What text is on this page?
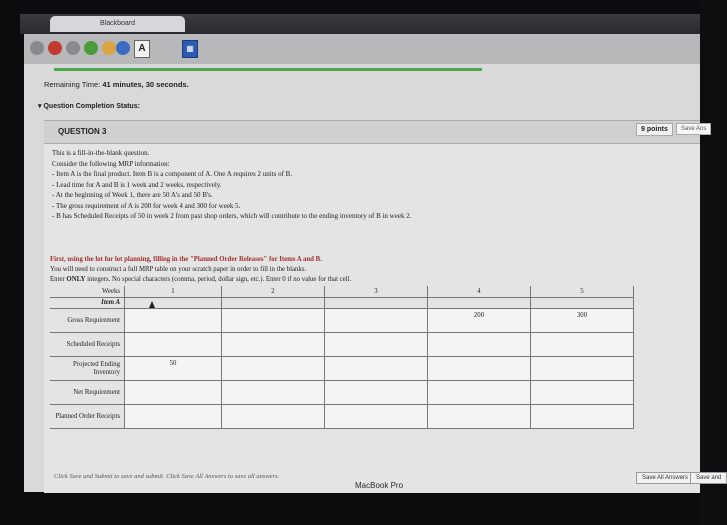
Blackboard
A	▦
Remaining Time: 41 minutes, 30 seconds.
▾ Question Completion Status:
QUESTION 3	9 points	Save Ans
This is a fill-in-the-blank question.
Consider the following MRP information:
- Item A is the final product. Item B is a component of A. One A requires 2 units of B.
- Lead time for A and B is 1 week and 2 weeks, respectively.
- At the beginning of Week 1, there are 50 A's and 50 B's.
- The gross requirement of A is 200 for week 4 and 300 for week 5.
- B has Scheduled Receipts of 50 in week 2 from past shop orders, which will contribute to the ending inventory of B in week 2.
First, using the lot for lot planning, filling in the "Planned Order Releases" for Items A and B.
You will need to construct a full MRP table on your scratch paper in order to fill in the blanks.
Enter ONLY integers. No special characters (comma, period, dollar sign, etc.). Enter 0 if no value for that cell.
Weeks	1	2	3	4	5
Item A					
Gross Requirement				200	300
Scheduled Receipts					
Projected Ending Inventory	50				
Net Requirement					
Planned Order Receipts					
Click Save and Submit to save and submit. Click Save All Answers to save all answers.	Save All Answers	Save and
MacBook Pro
